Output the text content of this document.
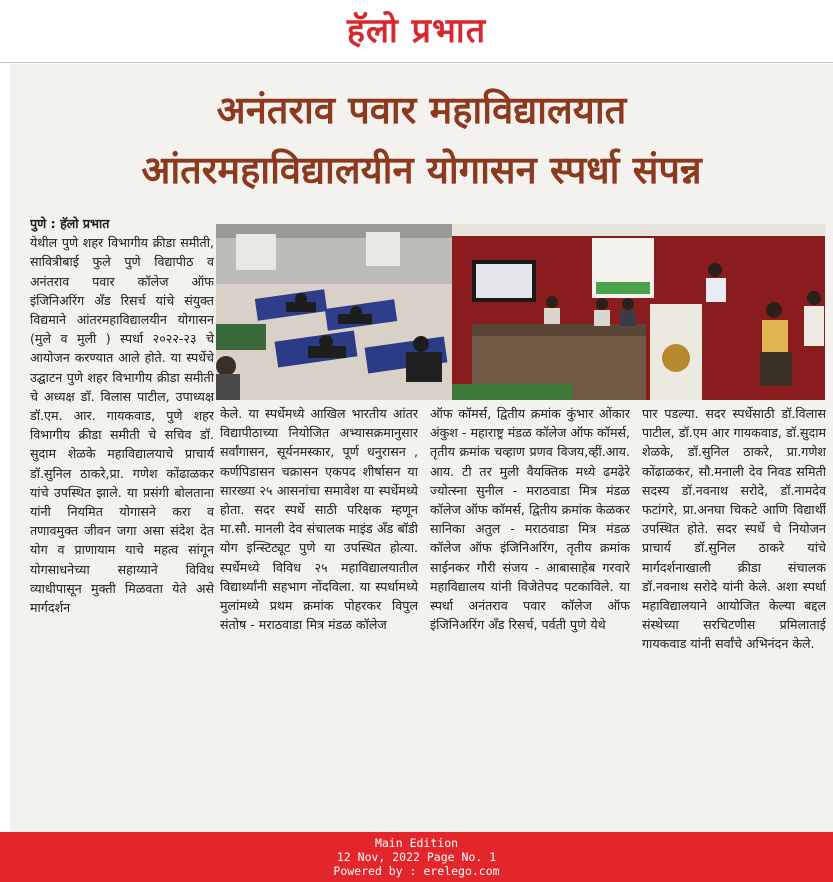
हॅलो प्रभात
अनंतराव पवार महाविद्यालयात
आंतरमहाविद्यालयीन योगासन स्पर्धा संपन्न
पुणे : हॅलो प्रभात
येथील पुणे शहर विभागीय क्रीडा समीती, सावित्रीबाई फुले पुणे विद्यापीठ व अनंतराव पवार कॉलेज ऑफ इंजिनिअरिंग अँड रिसर्च यांचे संयुक्त विद्यमाने आंतरमहाविद्यालयीन योगासन (मुले व मुली ) स्पर्धा २०२२-२३ चे आयोजन करण्यात आले होते. या स्पर्धेचे उद्घाटन पुणे शहर विभागीय क्रीडा समीती चे अध्यक्ष डॉ. विलास पाटील, उपाध्यक्ष डॉ.एम. आर. गायकवाड, पुणे शहर विभागीय क्रीडा समीती चे सचिव डॉ. सुदाम शेळके महाविद्यालयाचे प्राचार्य डॉ.सुनिल ठाकरे,प्रा. गणेश कोंढाळकर यांचे उपस्थित झाले. या प्रसंगी बोलताना यांनी नियमित योगासने करा व तणावमुक्त जीवन जगा असा संदेश देत योग व प्राणायाम याचे महत्व सांगून योगसाधनेच्या सहाय्याने विविध व्याधीपासून मुक्ती मिळवता येते असे मार्गदर्शन
केले. या स्पर्धेमध्ये आखिल भारतीय आंतर विद्यापीठाच्या नियोजित अभ्यासक्रमानुसार सर्वांगासन, सूर्यनमस्कार, पूर्ण धनुरासन , कर्णपिडासन चक्रासन एकपद शीर्षासन या सारख्या २५ आसनांचा समावेश या स्पर्धेमध्ये होता. सदर स्पर्धे साठी परिक्षक म्हणून मा.सौ. मानली देव संचालक माइंड अँड बॉडी योग इन्स्टिट्यूट पुणे या उपस्थित होत्या. स्पर्धेमध्ये विविध २५ महाविद्यालयातील विद्यार्थ्यांनी सहभाग नोंदविला. या स्पर्धामध्ये मुलांमध्ये प्रथम क्रमांक पोहरकर विपुल संतोष - मराठवाडा मित्र मंडळ कॉलेज
ऑफ कॉमर्स, द्वितीय क्रमांक कुंभार ओंकार अंकुश - महाराष्ट्र मंडळ कॉलेज ऑफ कॉमर्स, तृतीय क्रमांक चव्हाण प्रणव विजय,व्हीं.आय. आय. टी तर मुली वैयक्तिक मध्ये ढमढेरे ज्योत्स्ना सुनील - मराठवाडा मित्र मंडळ कॉलेज ऑफ कॉमर्स, द्वितीय क्रमांक केळकर सानिका अतुल - मराठवाडा मित्र मंडळ कॉलेज ऑफ इंजिनिअरिंग, तृतीय क्रमांक साईनकर गौरी संजय - आबासाहेब गरवारे महाविद्यालय यांनी विजेतेपद पटकाविले. या स्पर्धा अनंतराव पवार कॉलेज ऑफ इंजिनिअरिंग अँड रिसर्च, पर्वती पुणे येथे
पार पडल्या. सदर स्पर्धेसाठी डॉ.विलास पाटील, डॉ.एम आर गायकवाड, डॉ.सुदाम शेळके, डॉ.सुनिल ठाकरे, प्रा.गणेश कोंढाळकर, सौ.मनाली देव निवड समिती सदस्य डॉ.नवनाथ सरोदे, डॉ.नामदेव फटांगरे, प्रा.अनघा चिकटे आणि विद्यार्थी उपस्थित होते. सदर स्पर्धे चे नियोजन प्राचार्य डॉ.सुनिल ठाकरे यांचे मार्गदर्शनाखाली क्रीडा संचालक डॉ.नवनाथ सरोदे यांनी केले. अशा स्पर्धा महाविद्यालयाने आयोजित केल्या बद्दल संस्थेच्या सरचिटणीस प्रमिलाताई गायकवाड यांनी सर्वांचे अभिनंदन केले.
Main Edition
12 Nov, 2022 Page No. 1
Powered by : erelego.com
